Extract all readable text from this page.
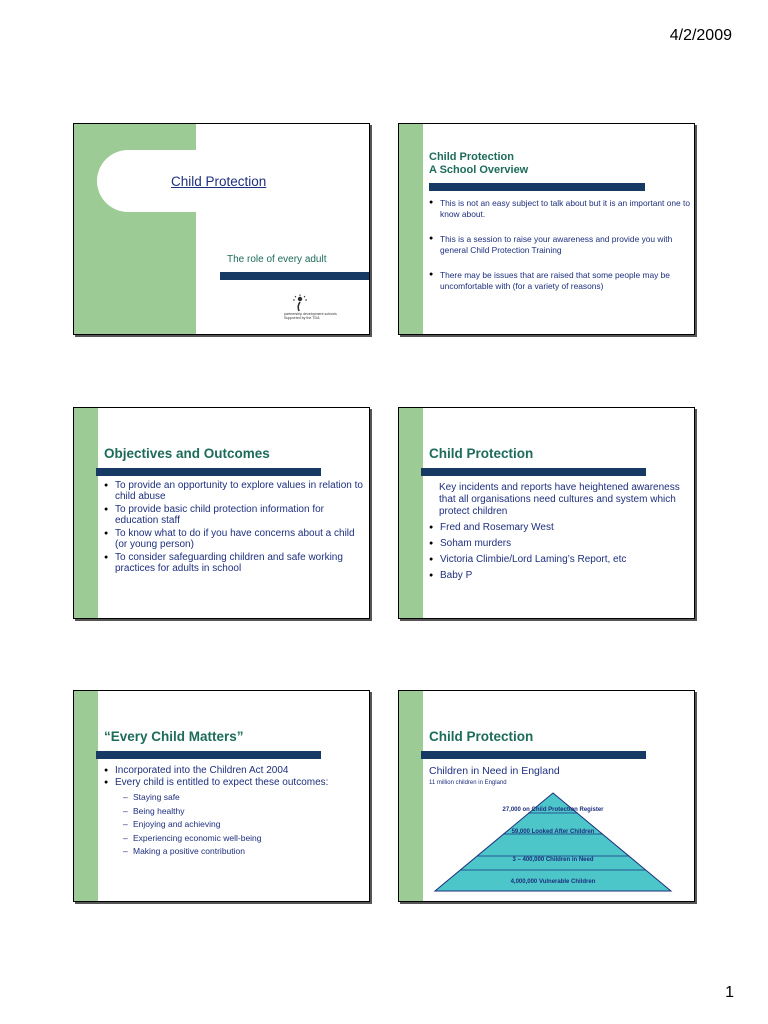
4/2/2009
Child Protection
The role of every adult
partnership development schools
Supported by the TDA
Child Protection
A School Overview
● This is not an easy subject to talk about but it is an important one to know about.
● This is a session to raise your awareness and provide you with general Child Protection Training
● There may be issues that are raised that some people may be uncomfortable with (for a variety of reasons)
Objectives and Outcomes
● To provide an opportunity to explore values in relation to child abuse
● To provide basic child protection information for education staff
● To know what to do if you have concerns about a child (or young person)
● To consider safeguarding children and safe working practices for adults in school
Child Protection
Key incidents and reports have heightened awareness that all organisations need cultures and system which protect children
● Fred and Rosemary West
● Soham murders
● Victoria Climbie/Lord Laming’s Report, etc
● Baby P
“Every Child Matters”
● Incorporated into the Children Act 2004
● Every child is entitled to expect these outcomes:
– Staying safe
– Being healthy
– Enjoying and achieving
– Experiencing economic well-being
– Making a positive contribution
Child Protection
Children in Need in England
11 million children in England
27,000 on Child Protection Register
59,000 Looked After Children
3 – 400,000 Children in Need
4,000,000 Vulnerable Children
1
